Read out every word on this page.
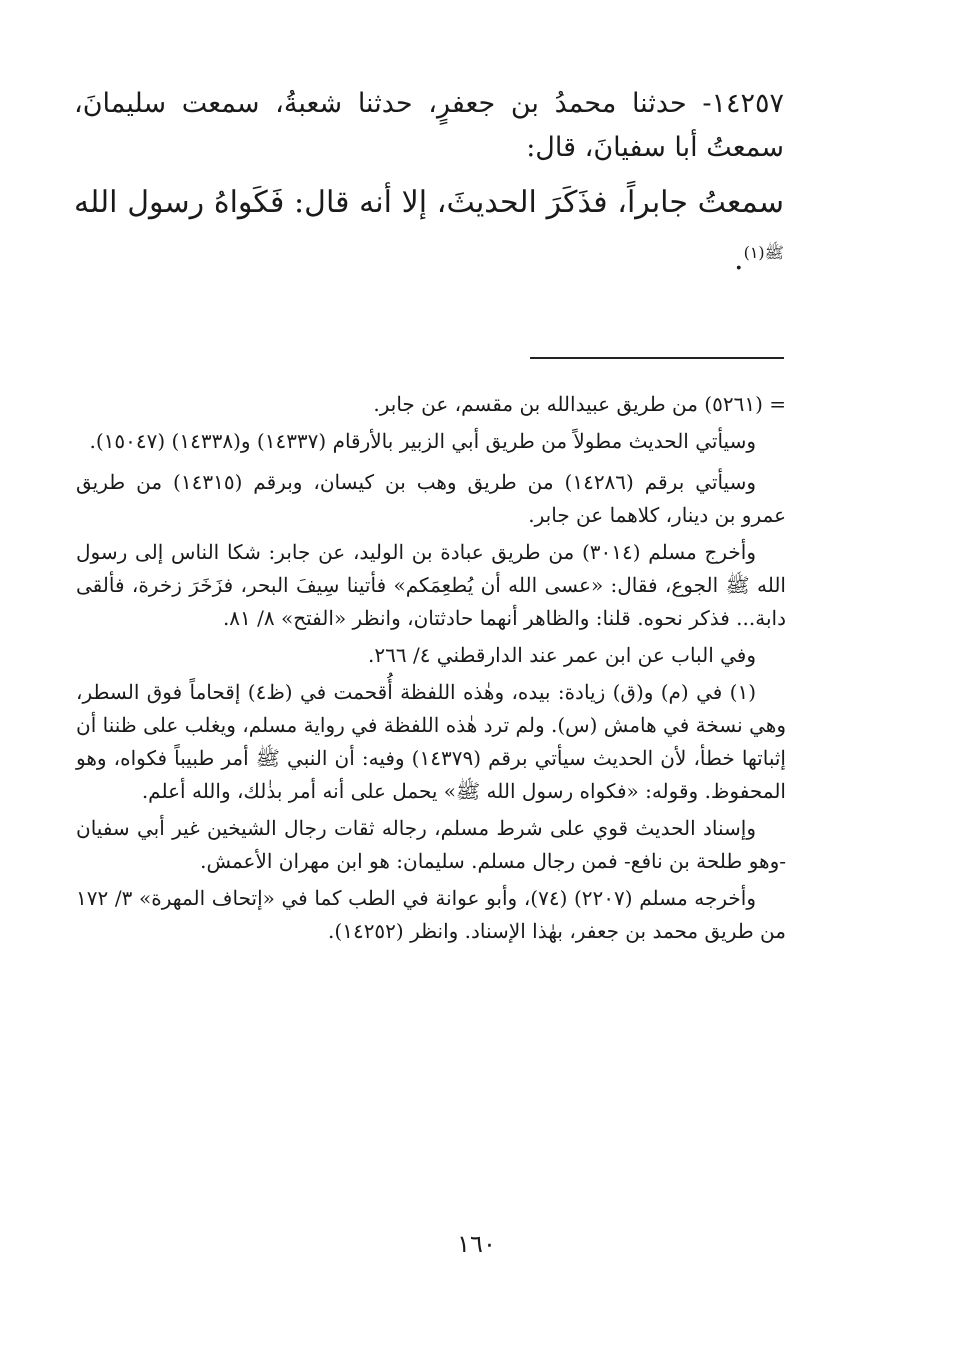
١٤٢٥٧- حدثنا محمدُ بن جعفرٍ، حدثنا شعبةُ، سمعت سليمانَ، سمعتُ أبا سفيانَ، قال:

سمعتُ جابراً، فذَكَرَ الحديثَ، إلا أنه قال: فَكَواهُ رسول الله $^{ﷺ(١)}$.

= (٥٢٦١) من طريق عبيدالله بن مقسم، عن جابر.

وسيأتي الحديث مطولاً من طريق أبي الزبير بالأرقام (١٤٣٣٧) و(١٤٣٣٨) (١٥٠٤٧).

وسيأتي برقم (١٤٢٨٦) من طريق وهب بن كيسان، وبرقم (١٤٣١٥) من طريق عمرو بن دينار، كلاهما عن جابر.

وأخرج مسلم (٣٠١٤) من طريق عبادة بن الوليد، عن جابر: شكا الناس إلى رسول الله ﷺ الجوع، فقال: «عسى الله أن يُطعِمَكم» فأتينا سِيفَ البحر، فزَخَرَ زخرة، فألقى دابة... فذكر نحوه. قلنا: والظاهر أنهما حادثتان، وانظر «الفتح» ٨/ ٨١.

وفي الباب عن ابن عمر عند الدارقطني ٤/ ٢٦٦.

(١) في (م) و(ق) زيادة: بيده، وهٰذه اللفظة أُقحمت في (ظ٤) إقحاماً فوق السطر، وهي نسخة في هامش (س). ولم ترد هٰذه اللفظة في رواية مسلم، ويغلب على ظننا أن إثباتها خطأ، لأن الحديث سيأتي برقم (١٤٣٧٩) وفيه: أن النبي ﷺ أمر طبيباً فكواه، وهو المحفوظ. وقوله: «فكواه رسول الله ﷺ» يحمل على أنه أمر بذٰلك، والله أعلم.

وإسناد الحديث قوي على شرط مسلم، رجاله ثقات رجال الشيخين غير أبي سفيان -وهو طلحة بن نافع- فمن رجال مسلم. سليمان: هو ابن مهران الأعمش.

وأخرجه مسلم (٢٢٠٧) (٧٤)، وأبو عوانة في الطب كما في «إتحاف المهرة» ٣/ ١٧٢ من طريق محمد بن جعفر، بهٰذا الإسناد. وانظر (١٤٢٥٢).

١٦٠
